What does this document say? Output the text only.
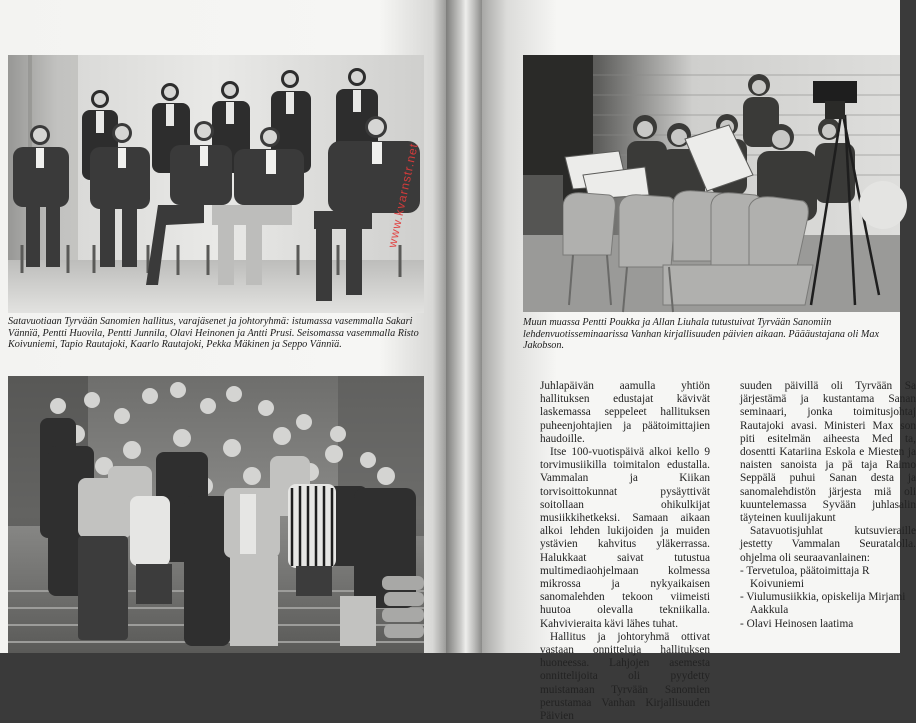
Satavuotiaan Tyrvään Sanomien hallitus, varajäsenet ja johtoryhmä: istumassa vasemmalla Sakari Vännïä, Pentti Huovila, Pentti Junnila, Olavi Heinonen ja Antti Prusi. Seisomassa vasemmalla Risto Koivuniemi, Tapio Rautajoki, Kaarlo Rautajoki, Pekka Mäkinen ja Seppo Vännïä.

Muun muassa Pentti Poukka ja Allan Liuhala tutustuivat Tyrvään Sanomiin lehdenvuotisseminaarissa Vanhan kirjallisuuden päivien aikaan. Päääustajana oli Max Jakobson.

Juhlapäivän aamulla yhtiön hallituksen edustajat kävivät laskemassa seppeleet hallituksen puheenjohtajien ja päätoimittajien haudoille.

Itse 100-vuotispäivä alkoi kello 9 torvimusiikilla toimitalon edustalla. Vammalan ja Kiikan torvisoittokunnat pysäyttivät soitollaan ohikulkijat musiikkihetkeksi. Samaan aikaan alkoi lehden lukijoiden ja muiden ystävien kahvitus yläkerrassa. Halukkaat saivat tutustua multimediaohjelmaan kolmessa mikrossa ja nykyaikaisen sanomalehden tekoon viimeisti huutoa olevalla tekniikalla. Kahvivieraita kävi lähes tuhat.

Hallitus ja johtoryhmä ottivat vastaan onnitteluja hallituksen huoneessa. Lahjojen asemesta onnittelijoita oli pyydetty muistamaan Tyrvään Sanomien perustamaa Vanhan Kirjallisuuden Päivien

suuden päivillä oli Tyrvään Sa järjestämä ja kustantama Sanan seminaari, jonka toimitusjohtaj Rautajoki avasi. Ministeri Max son piti esitelmän aiheesta Med ta, dosentti Katariina Eskola e Miesten ja naisten sanoista ja pä taja Raimo Seppälä puhui Sanan desta ja sanomalehdistön järjesta miä oli kuuntelemassa Syvään juhlasalin täyteinen kuulijakunt

Satavuotisjuhlat kutsuvieraille jestetty Vammalan Seuratalolla. ohjelma oli seuraavanlainen:

- Tervetuloa, päätoimittaja R Koivuniemi
- Viulumusiikkia, opiskelija Mirjami Aakkula
- Olavi Heinosen laatima
www.kvarnstr.net
